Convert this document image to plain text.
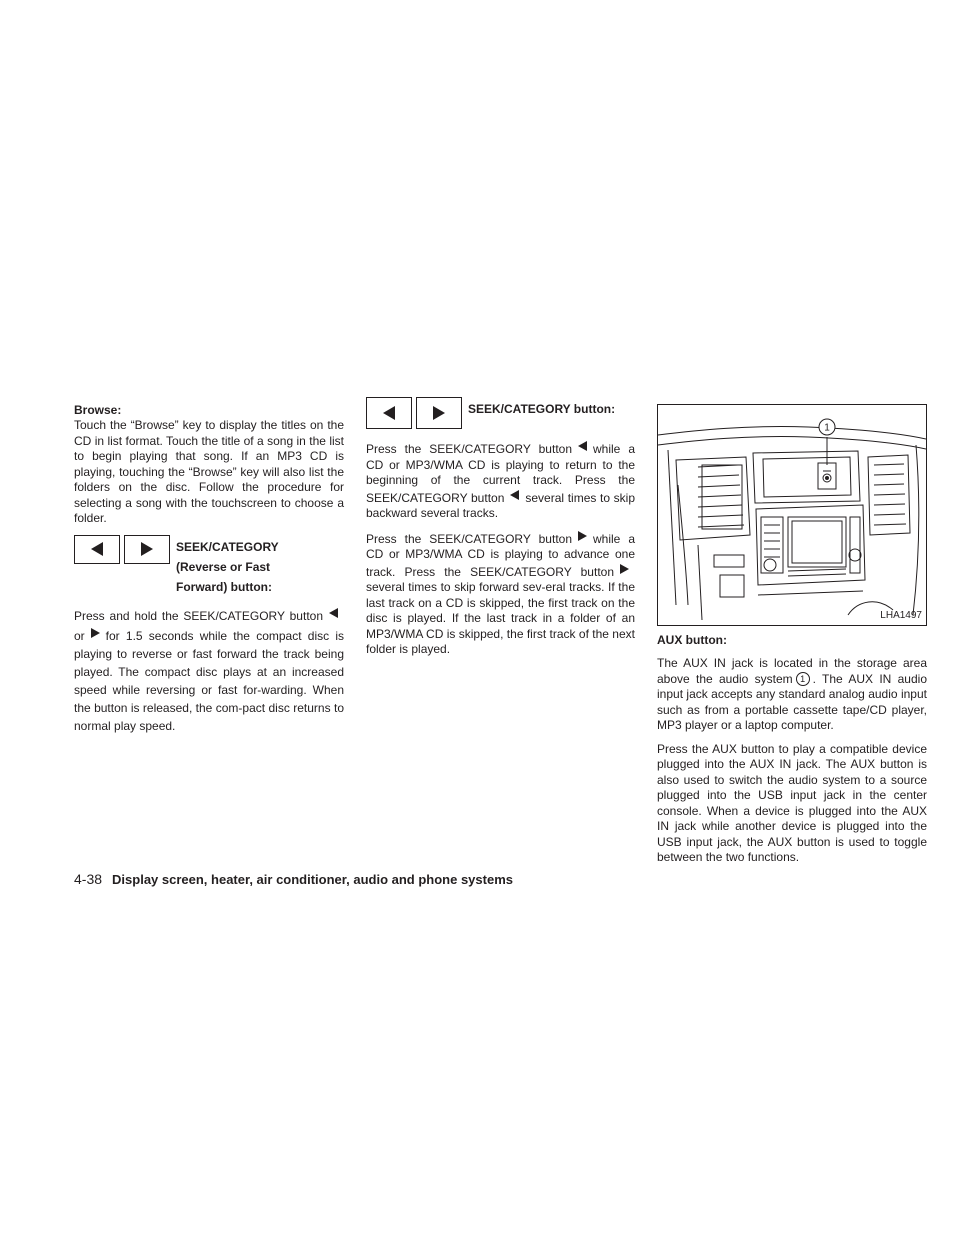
Browse:

Touch the “Browse” key to display the titles on the CD in list format. Touch the title of a song in the list to begin playing that song. If an MP3 CD is playing, touching the “Browse” key will also list the folders on the disc. Follow the procedure for selecting a song with the touchscreen to choose a folder.

SEEK/CATEGORY
(Reverse or Fast
Forward) button:

Press and hold the SEEK/CATEGORY buttonor for 1.5 seconds while the compact disc is playing to reverse or fast forward the track being played. The compact disc plays at an increased speed while reversing or fast for-warding. When the button is released, the com-pact disc returns to normal play speed.

SEEK/CATEGORY button:

Press the SEEK/CATEGORY button while a CD or MP3/WMA CD is playing to return to the beginning of the current track. Press the SEEK/CATEGORY button several times to skip backward several tracks.

Press the SEEK/CATEGORY button while a CD or MP3/WMA CD is playing to advance one track. Press the SEEK/CATEGORY buttonseveral times to skip forward sev-eral tracks. If the last track on a CD is skipped, the first track on the disc is played. If the last track in a folder of an MP3/WMA CD is skipped, the first track of the next folder is played.

1
LHA1497
AUX button:

The AUX IN jack is located in the storage area above the audio system 1 . The AUX IN audio input jack accepts any standard analog audio input such as from a portable cassette tape/CD player, MP3 player or a laptop computer.

Press the AUX button to play a compatible device plugged into the AUX IN jack. The AUX button is also used to switch the audio system to a source plugged into the USB input jack in the center console. When a device is plugged into the AUX IN jack while another device is plugged into the USB input jack, the AUX button is used to toggle between the two functions.

4-38 Display screen, heater, air conditioner, audio and phone systems
